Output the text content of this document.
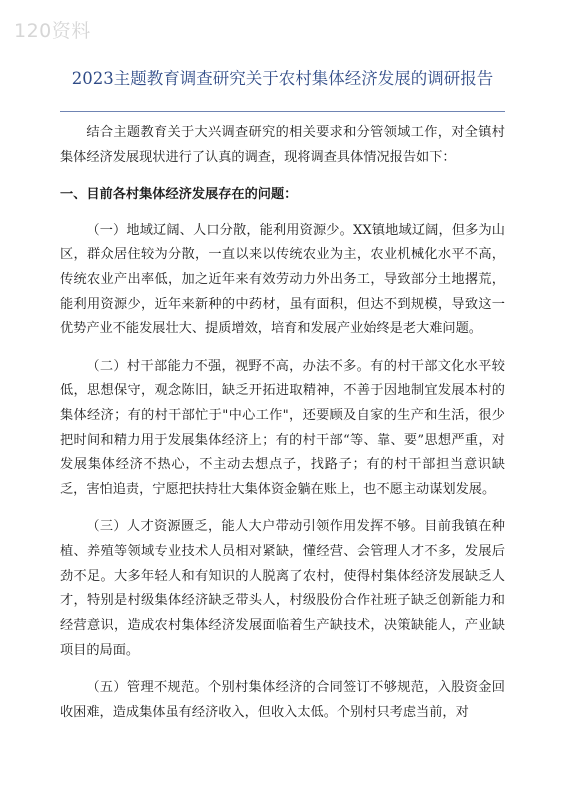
120资料
2023主题教育调查研究关于农村集体经济发展的调研报告

结合主题教育关于大兴调查研究的相关要求和分管领域工作，对全镇村集体经济发展现状进行了认真的调查，现将调查具体情况报告如下：

一、目前各村集体经济发展存在的问题：

（一）地域辽阔、人口分散，能利用资源少。XX镇地域辽阔，但多为山区，群众居住较为分散，一直以来以传统农业为主，农业机械化水平不高，传统农业产出率低，加之近年来有效劳动力外出务工，导致部分土地撂荒，能利用资源少，近年来新种的中药材，虽有面积，但达不到规模，导致这一优势产业不能发展壮大、提质增效，培育和发展产业始终是老大难问题。

（二）村干部能力不强，视野不高，办法不多。有的村干部文化水平较低，思想保守，观念陈旧，缺乏开拓进取精神，不善于因地制宜发展本村的集体经济；有的村干部忙于"中心工作"，还要顾及自家的生产和生活，很少把时间和精力用于发展集体经济上；有的村干部“等、靠、要”思想严重，对发展集体经济不热心，不主动去想点子，找路子；有的村干部担当意识缺乏，害怕追责，宁愿把扶持壮大集体资金躺在账上，也不愿主动谋划发展。

（三）人才资源匮乏，能人大户带动引领作用发挥不够。目前我镇在种植、养殖等领域专业技术人员相对紧缺，懂经营、会管理人才不多，发展后劲不足。大多年轻人和有知识的人脱离了农村，使得村集体经济发展缺乏人才，特别是村级集体经济缺乏带头人，村级股份合作社班子缺乏创新能力和经营意识，造成农村集体经济发展面临着生产缺技术，决策缺能人，产业缺项目的局面。

（五）管理不规范。个别村集体经济的合同签订不够规范，入股资金回收困难，造成集体虽有经济收入，但收入太低。个别村只考虑当前，对
